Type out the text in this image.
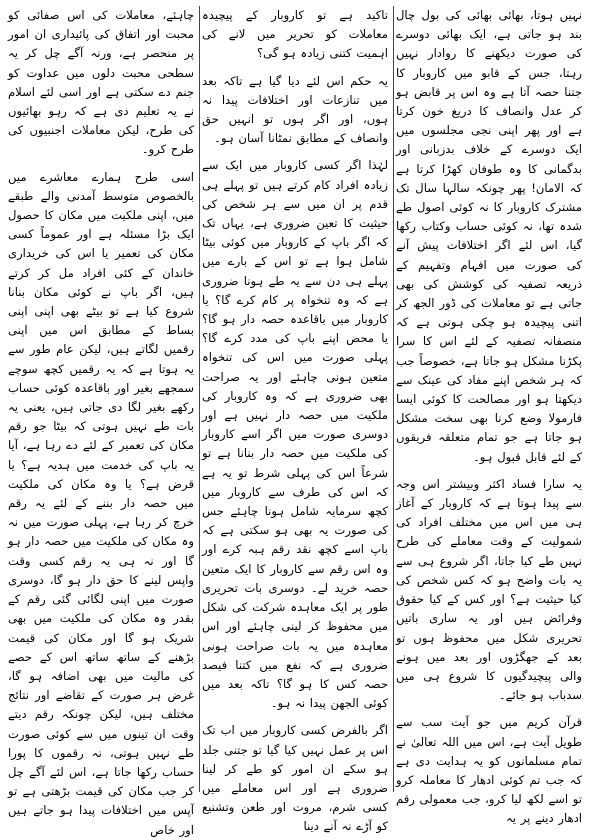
نہیں ہوتا، بھائی بھائی کی بول چال بند ہو جاتی ہے، ایک بھائی دوسرے کی صورت دیکھنے کا روادار نہیں رہتا، جس کے قابو میں کاروبار کا جتنا حصہ آتا ہے وہ اس پر قابض ہو کر عدل وانصاف کا دریغ خون کرتا ہے اور پھر اپنی نجی مجلسوں میں ایک دوسرے کے خلاف بدزبانی اور بدگمانی کا وہ طوفان کھڑا کرتا ہے کہ الامان! پھر چونکہ سالہا سال تک مشترک کاروبار کا نہ کوئی اصول طے شدہ تھا، نہ کوئی حساب وکتاب رکھا گیا، اس لئے اگر اختلافات پیش آنے کی صورت میں افہام وتفہیم کے ذریعہ تصفیہ کی کوشش کی بھی جاتی ہے تو معاملات کی ڈور الجھ کر اتنی پیچیدہ ہو چکی ہوتی ہے کہ منصفانہ تصفیہ کے لئے اس کا سرا پکڑنا مشکل ہو جاتا ہے، خصوصاً جب کہ ہر شخص اپنے مفاد کی عینک سے دیکھتا ہو اور مصالحت کا کوئی ایسا فارمولا وضع کرنا بھی سخت مشکل ہو جاتا ہے جو تمام متعلقہ فریقوں کے لئے قابل قبول ہو۔

یہ سارا فساد اکثر وبیشتر اس وجہ سے پیدا ہوتا ہے کہ کاروبار کے آغاز ہی میں اس میں مختلف افراد کی شمولیت کے وقت معاملے کی طرح نہیں طے کیا جاتا، اگر شروع ہی سے یہ بات واضح ہو کہ کس شخص کی کیا حیثیت ہے؟ اور کس کے کیا حقوق وفرائض ہیں اور یہ ساری باتیں تحریری شکل میں محفوظ ہوں تو بعد کے جھگڑوں اور بعد میں ہونے والی پیچیدگیوں کا شروع ہی میں سدباب ہو جائے۔

قرآن کریم میں جو آیت سب سے طویل آیت ہے، اس میں اللہ تعالیٰ نے تمام مسلمانوں کو یہ ہدایت دی ہے کہ جب تم کوئی ادھار کا معاملہ کرو تو اسے لکھ لیا کرو، جب معمولی رقم ادھار دینے پر یہ

تاکید ہے تو کاروبار کے پیچیدہ معاملات کو تحریر میں لانے کی اہمیت کتنی زیادہ ہو گی؟

یہ حکم اس لئے دیا گیا ہے تاکہ بعد میں تنازعات اور اختلافات پیدا نہ ہوں، اور اگر ہوں تو انہیں حق وانصاف کے مطابق نمٹانا آسان ہو۔

لہٰذا اگر کسی کاروبار میں ایک سے زیادہ افراد کام کرتے ہیں تو پہلے ہی قدم پر ان میں سے ہر شخص کی حیثیت کا تعین ضروری ہے، یہاں تک کہ اگر باپ کے کاروبار میں کوئی بیٹا شامل ہوا ہے تو اس کے بارے میں پہلے ہی دن سے یہ طے ہونا ضروری ہے کہ وہ تنخواہ پر کام کرے گا؟ یا کاروبار میں باقاعدہ حصہ دار ہو گا؟ یا محض اپنے باپ کی مدد کرے گا؟ پہلی صورت میں اس کی تنخواہ متعین ہونی چاہئے اور یہ صراحت بھی ضروری ہے کہ وہ کاروبار کی ملکیت میں حصہ دار نہیں ہے اور دوسری صورت میں اگر اسے کاروبار کی ملکیت میں حصہ دار بنانا ہے تو شرعاً اس کی پہلی شرط تو یہ ہے کہ اس کی طرف سے کاروبار میں کچھ سرمایہ شامل ہونا چاہئے جس کی صورت یہ بھی ہو سکتی ہے کہ باپ اسے کچھ نقد رقم ہبہ کرے اور وہ اس رقم سے کاروبار کا ایک متعین حصہ خرید لے۔ دوسری بات تحریری طور پر ایک معاہدہ شرکت کی شکل میں محفوظ کر لینی چاہئے اور اس معاہدہ میں یہ بات صراحت ہونی ضروری ہے کہ نفع میں کتنا فیصد حصہ کس کا ہو گا؟ تاکہ بعد میں کوئی الجھن پیدا نہ ہو۔

اگر بالفرض کسی کاروبار میں اب تک اس پر عمل نہیں کیا گیا تو جتنی جلد ہو سکے ان امور کو طے کر لینا ضروری ہے اور اس معاملے میں کسی شرم، مروت اور طعن وتشنیع کو آڑے نہ آنے دینا

چاہئے، معاملات کی اس صفائی کو محبت اور اتفاق کی پائیداری ان امور پر منحصر ہے، ورنہ آگے چل کر یہ سطحی محبت دلوں میں عداوت کو جنم دے سکتی ہے اور اسی لئے اسلام نے یہ تعلیم دی ہے کہ رہو بھائیوں کی طرح، لیکن معاملات اجنبیوں کی طرح کرو۔

اسی طرح ہمارے معاشرے میں بالخصوص متوسط آمدنی والے طبقے میں، اپنی ملکیت میں مکان کا حصول ایک بڑا مسئلہ ہے اور عموماً کسی مکان کی تعمیر یا اس کی خریداری خاندان کے کئی افراد مل کر کرتے ہیں، اگر باپ نے کوئی مکان بنانا شروع کیا ہے تو بیٹے بھی اپنی اپنی بساط کے مطابق اس میں اپنی رقمیں لگاتے ہیں، لیکن عام طور سے یہ ہوتا ہے کہ یہ رقمیں کچھ سوچے سمجھے بغیر اور باقاعدہ کوئی حساب رکھے بغیر لگا دی جاتی ہیں، یعنی یہ بات طے نہیں ہوتی کہ بیٹا جو رقم مکان کی تعمیر کے لئے دے رہا ہے، آیا یہ باپ کی خدمت میں ہدیہ ہے؟ یا قرض ہے؟ یا وہ مکان کی ملکیت میں حصہ دار بننے کے لئے یہ رقم خرچ کر رہا ہے، پہلی صورت میں نہ وہ مکان کی ملکیت میں حصہ دار ہو گا اور نہ ہی یہ رقم کسی وقت واپس لینے کا حق دار ہو گا، دوسری صورت میں اپنی لگائی گئی رقم کے بقدر وہ مکان کی ملکیت میں بھی شریک ہو گا اور مکان کی قیمت بڑھنے کے ساتھ ساتھ اس کے حصے کی مالیت میں بھی اضافہ ہو گا، غرض ہر صورت کے تقاضے اور نتائج مختلف ہیں، لیکن چونکہ رقم دیتے وقت ان تینوں میں سے کوئی صورت طے نہیں ہوتی، نہ رقموں کا پورا حساب رکھا جاتا ہے، اس لئے آگے چل کر جب مکان کی قیمت بڑھتی ہے تو آپس میں اختلافات پیدا ہو جاتے ہیں اور خاص
